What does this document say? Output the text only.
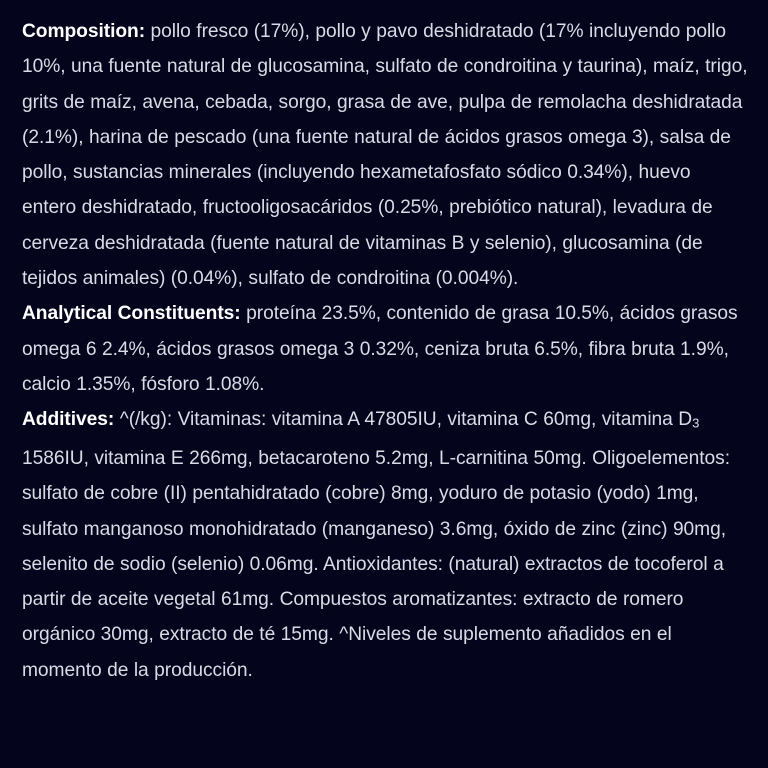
Composition: pollo fresco (17%), pollo y pavo deshidratado (17% incluyendo pollo 10%, una fuente natural de glucosamina, sulfato de condroitina y taurina), maíz, trigo, grits de maíz, avena, cebada, sorgo, grasa de ave, pulpa de remolacha deshidratada (2.1%), harina de pescado (una fuente natural de ácidos grasos omega 3), salsa de pollo, sustancias minerales (incluyendo hexametafosfato sódico 0.34%), huevo entero deshidratado, fructooligosacáridos (0.25%, prebiótico natural), levadura de cerveza deshidratada (fuente natural de vitaminas B y selenio), glucosamina (de tejidos animales) (0.04%), sulfato de condroitina (0.004%).

Analytical Constituents: proteína 23.5%, contenido de grasa 10.5%, ácidos grasos omega 6 2.4%, ácidos grasos omega 3 0.32%, ceniza bruta 6.5%, fibra bruta 1.9%, calcio 1.35%, fósforo 1.08%.

Additives: ^(/kg): Vitaminas: vitamina A 47805IU, vitamina C 60mg, vitamina $D_3$ 1586IU, vitamina E 266mg, betacaroteno 5.2mg, L-carnitina 50mg. Oligoelementos: sulfato de cobre (II) pentahidratado (cobre) 8mg, yoduro de potasio (yodo) 1mg, sulfato manganoso monohidratado (manganeso) 3.6mg, óxido de zinc (zinc) 90mg, selenito de sodio (selenio) 0.06mg. Antioxidantes: (natural) extractos de tocoferol a partir de aceite vegetal 61mg. Compuestos aromatizantes: extracto de romero orgánico 30mg, extracto de té 15mg. ^Niveles de suplemento añadidos en el momento de la producción.
